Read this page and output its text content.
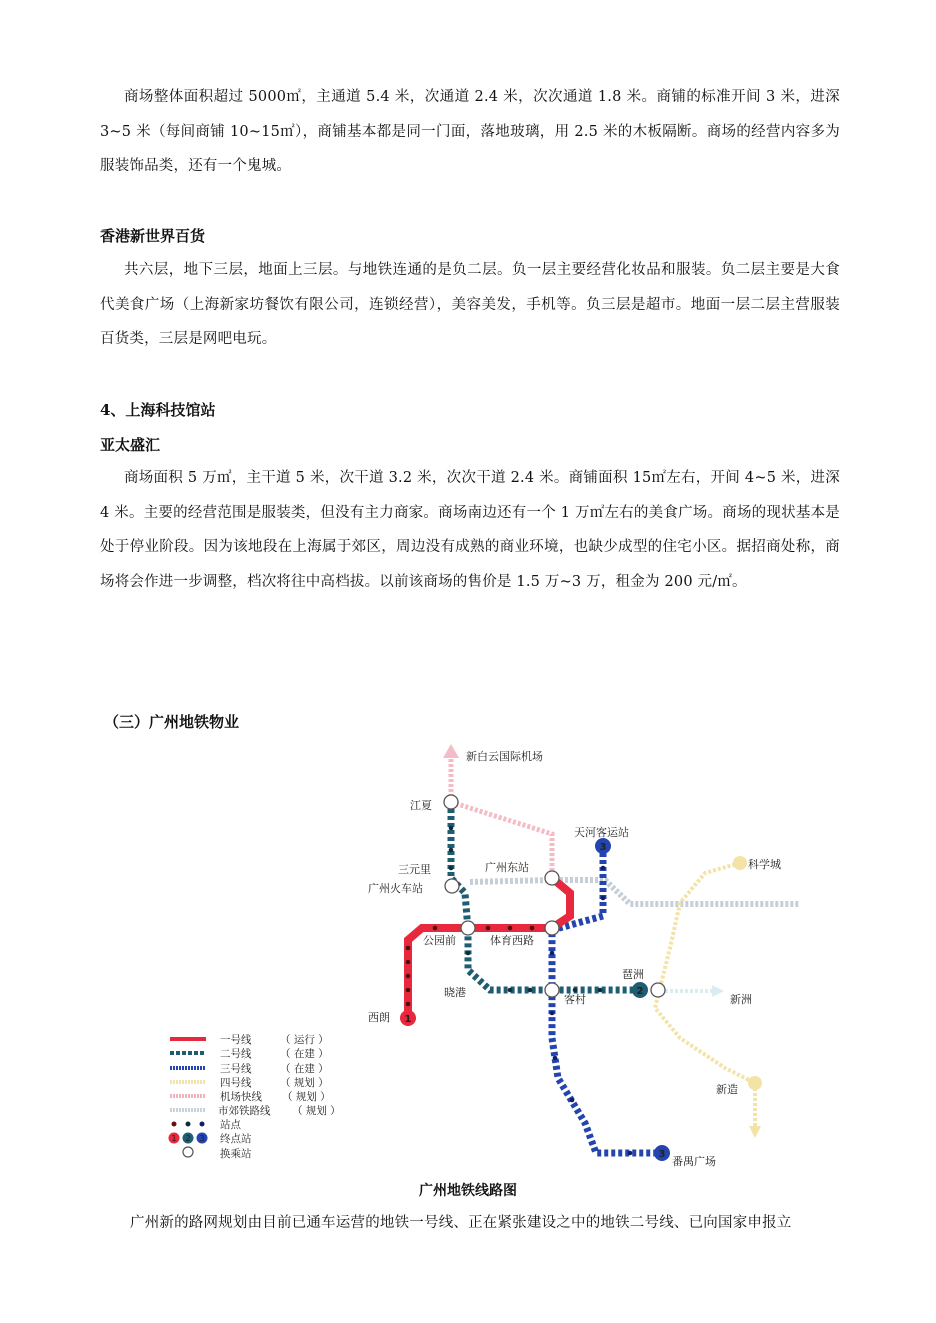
商场整体面积超过 5000㎡，主通道 5.4 米，次通道 2.4 米，次次通道 1.8 米。商铺的标准开间 3 米，进深 3~5 米（每间商铺 10~15㎡），商铺基本都是同一门面，落地玻璃，用 2.5 米的木板隔断。商场的经营内容多为服装饰品类，还有一个鬼城。

香港新世界百货

共六层，地下三层，地面上三层。与地铁连通的是负二层。负一层主要经营化妆品和服装。负二层主要是大食代美食广场（上海新家坊餐饮有限公司，连锁经营），美容美发，手机等。负三层是超市。地面一层二层主营服装百货类，三层是网吧电玩。

4、上海科技馆站
亚太盛汇

商场面积 5 万㎡，主干道 5 米，次干道 3.2 米，次次干道 2.4 米。商铺面积 15㎡左右，开间 4~5 米，进深 4 米。主要的经营范围是服装类，但没有主力商家。商场南边还有一个 1 万㎡左右的美食广场。商场的现状基本是处于停业阶段。因为该地段在上海属于郊区，周边没有成熟的商业环境，也缺少成型的住宅小区。据招商处称，商场将会作进一步调整，档次将往中高档拔。以前该商场的售价是 1.5 万~3 万，租金为 200 元/㎡。

（三）广州地铁物业
1
2
3
3
新白云国际机场
江夏
天河客运站
三元里	广州东站	科学城
广州火车站
公园前	体育西路
晓港
客村
琶洲
新洲
西朗
新造
番禺广场
一号线	（ 运行 ）
二号线	（ 在建 ）
三号线	（ 在建 ）
四号线	（ 规划 ）
机场快线 （ 规划 ）
市郊铁路线 （ 规划 ）
站点
1 2 3 终点站
换乘站
广州地铁线路图

广州新的路网规划由目前已通车运营的地铁一号线、正在紧张建设之中的地铁二号线、已向国家申报立
